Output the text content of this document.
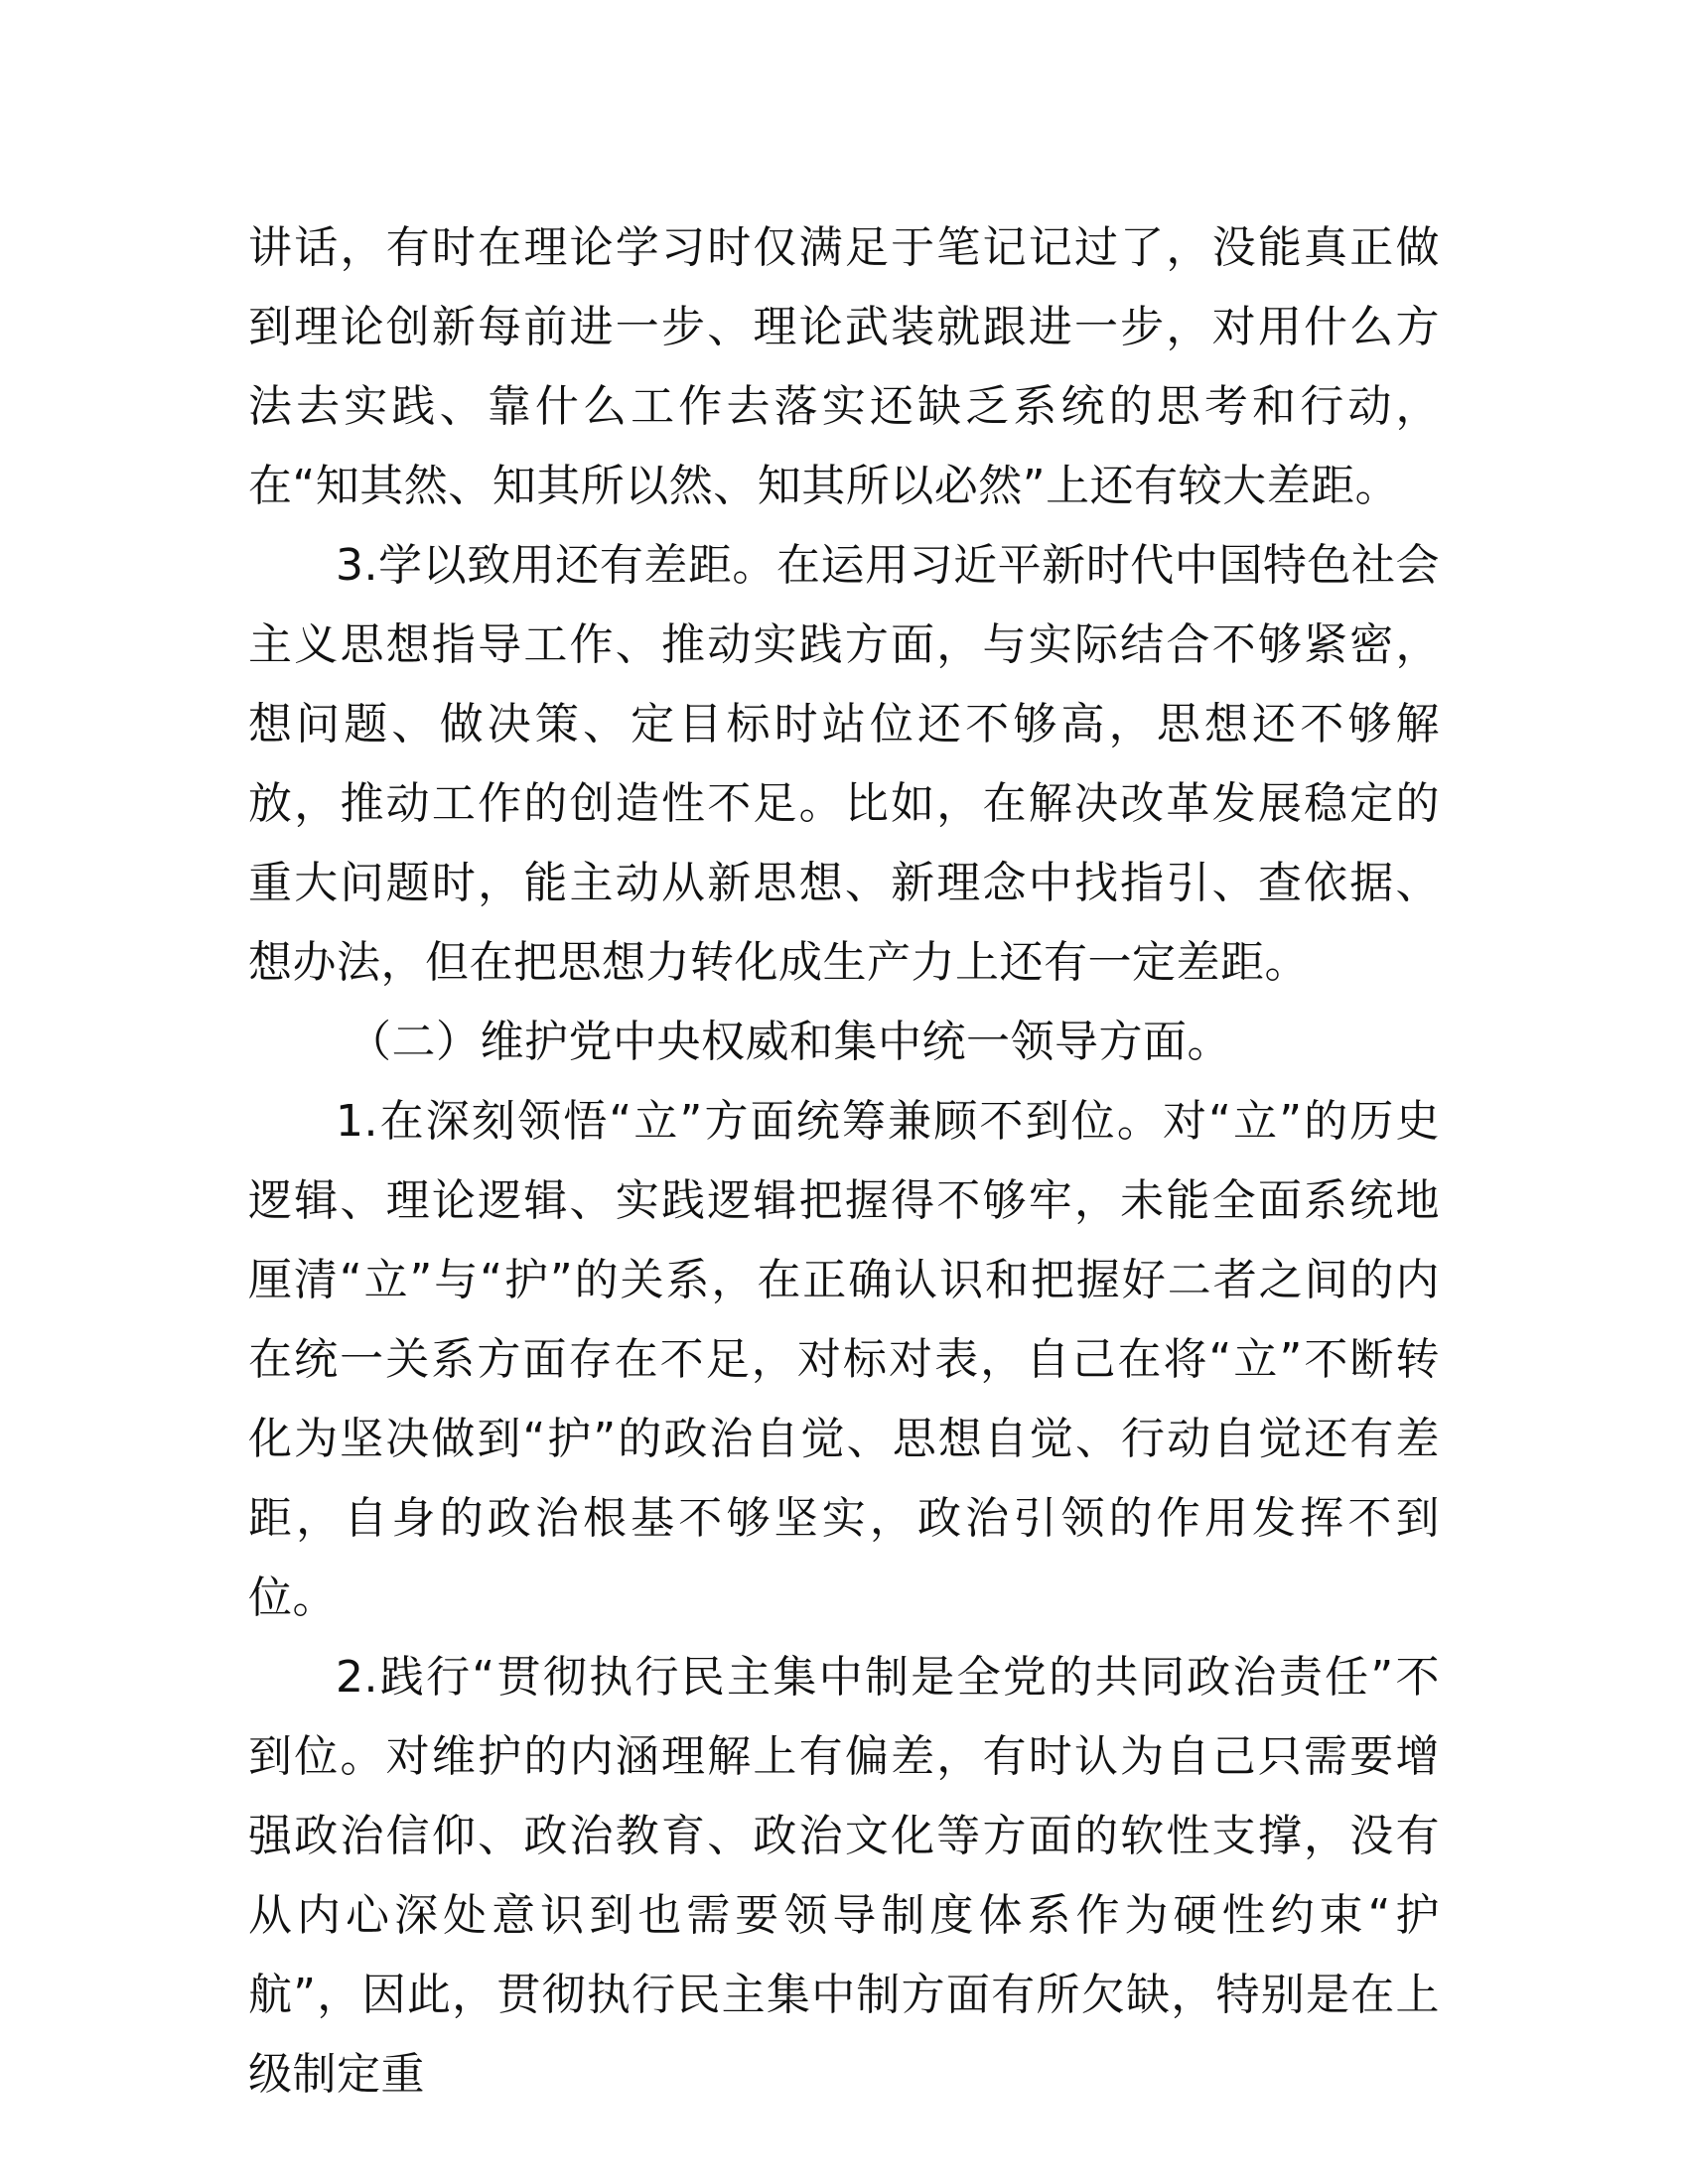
讲话，有时在理论学习时仅满足于笔记记过了，没能真正做到理论创新每前进一步、理论武装就跟进一步，对用什么方法去实践、靠什么工作去落实还缺乏系统的思考和行动，在“知其然、知其所以然、知其所以必然”上还有较大差距。

3.学以致用还有差距。在运用习近平新时代中国特色社会主义思想指导工作、推动实践方面，与实际结合不够紧密，想问题、做决策、定目标时站位还不够高，思想还不够解放，推动工作的创造性不足。比如，在解决改革发展稳定的重大问题时，能主动从新思想、新理念中找指引、查依据、想办法，但在把思想力转化成生产力上还有一定差距。

（二）维护党中央权威和集中统一领导方面。

1.在深刻领悟“立”方面统筹兼顾不到位。对“立”的历史逻辑、理论逻辑、实践逻辑把握得不够牢，未能全面系统地厘清“立”与“护”的关系，在正确认识和把握好二者之间的内在统一关系方面存在不足，对标对表，自己在将“立”不断转化为坚决做到“护”的政治自觉、思想自觉、行动自觉还有差距，自身的政治根基不够坚实，政治引领的作用发挥不到位。

2.践行“贯彻执行民主集中制是全党的共同政治责任”不到位。对维护的内涵理解上有偏差，有时认为自己只需要增强政治信仰、政治教育、政治文化等方面的软性支撑，没有从内心深处意识到也需要领导制度体系作为硬性约束“护航”，因此，贯彻执行民主集中制方面有所欠缺，特别是在上级制定重
